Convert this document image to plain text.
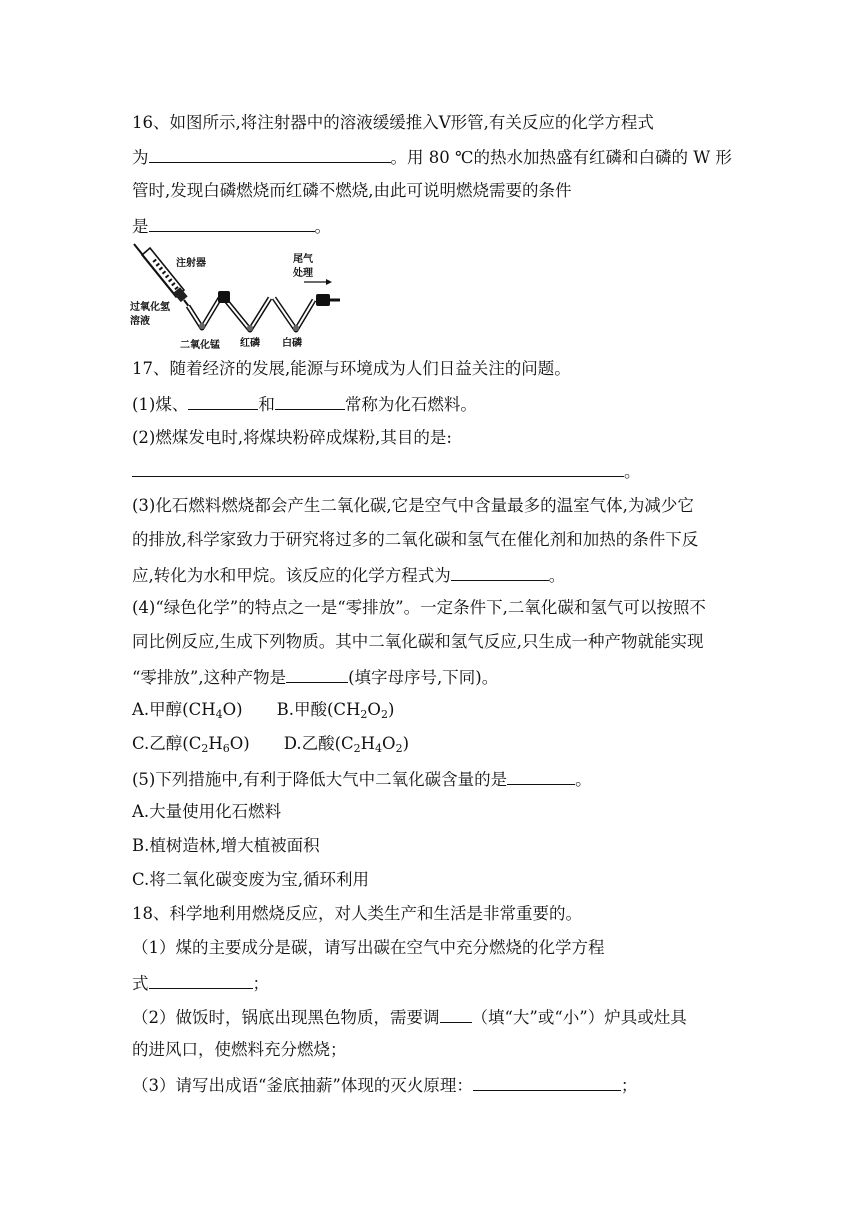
16、如图所示,将注射器中的溶液缓缓推入Ⅴ形管,有关反应的化学方程式
为	。用 80 ℃的热水加热盛有红磷和白磷的 W 形
管时,发现白磷燃烧而红磷不燃烧,由此可说明燃烧需要的条件
是	。
注射器	尾气
处理
过氧化氢
溶液
二氧化锰 红磷 白磷
17、随着经济的发展,能源与环境成为人们日益关注的问题。
(1)煤、	和	常称为化石燃料。
(2)燃煤发电时,将煤块粉碎成煤粉,其目的是:
。
(3)化石燃料燃烧都会产生二氧化碳,它是空气中含量最多的温室气体,为减少它
的排放,科学家致力于研究将过多的二氧化碳和氢气在催化剂和加热的条件下反
应,转化为水和甲烷。该反应的化学方程式为	。
(4)“绿色化学”的特点之一是“零排放”。一定条件下,二氧化碳和氢气可以按照不
同比例反应,生成下列物质。其中二氧化碳和氢气反应,只生成一种产物就能实现
“零排放”,这种产物是	(填字母序号,下同)。
A.甲醇$(CH_4O)$ B.甲酸$(CH_2O_2)$
C.乙醇$(C_2H_6O)$ D.乙酸$(C_2H_4O_2)$
(5)下列措施中,有利于降低大气中二氧化碳含量的是	。
A.大量使用化石燃料
B.植树造林,增大植被面积
C.将二氧化碳变废为宝,循环利用
18、科学地利用燃烧反应，对人类生产和生活是非常重要的。
（1）煤的主要成分是碳，请写出碳在空气中充分燃烧的化学方程
式	；
（2）做饭时，锅底出现黑色物质，需要调 （填“大”或“小”）炉具或灶具
的进风口，使燃料充分燃烧；
（3）请写出成语“釜底抽薪”体现的灭火原理：	；
